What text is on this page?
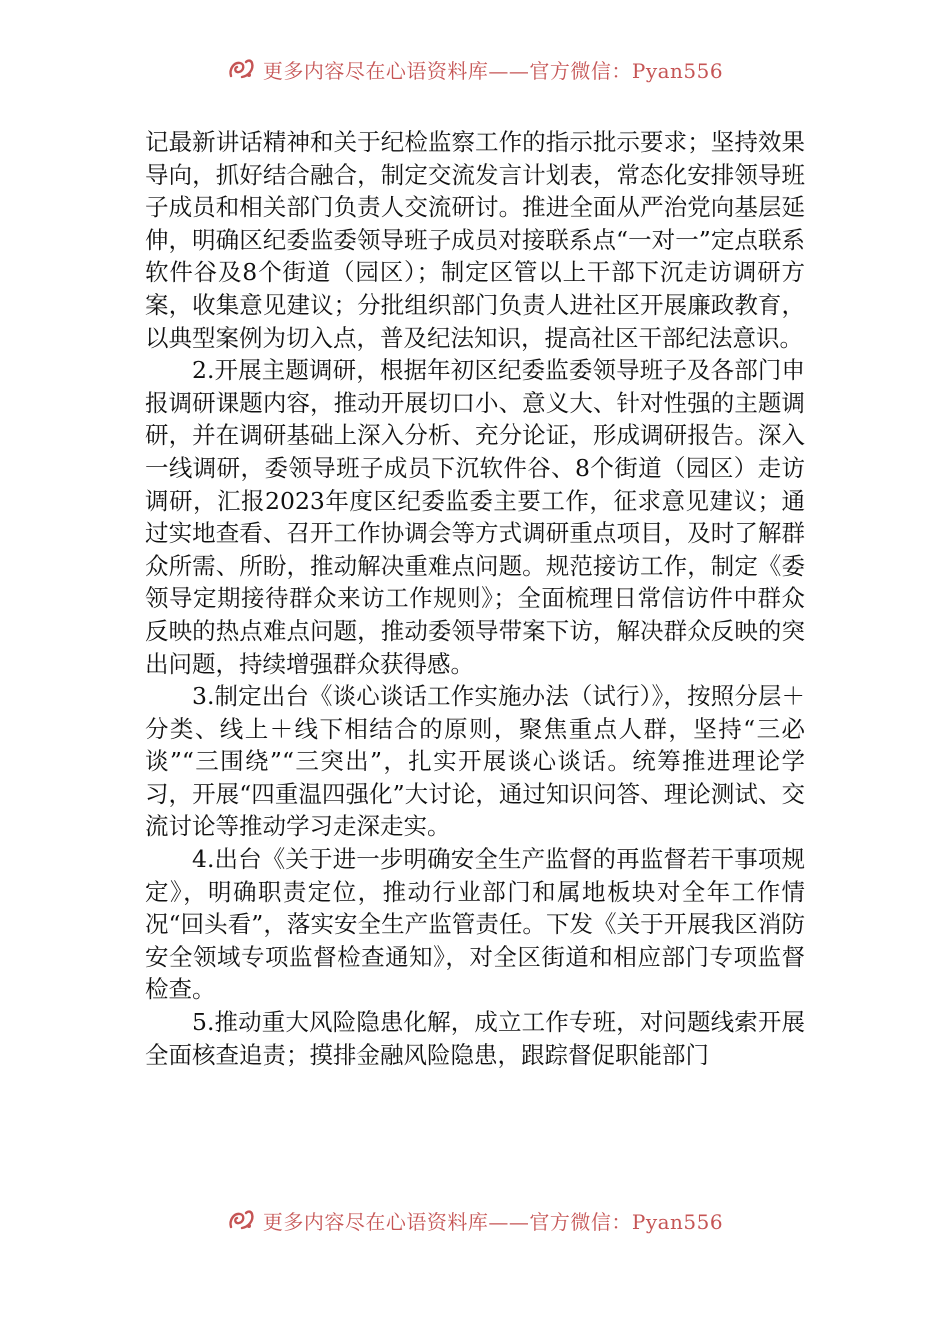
更多内容尽在心语资料库——官方微信：Pyan556

记最新讲话精神和关于纪检监察工作的指示批示要求；坚持效果导向，抓好结合融合，制定交流发言计划表，常态化安排领导班子成员和相关部门负责人交流研讨。推进全面从严治党向基层延伸，明确区纪委监委领导班子成员对接联系点“一对一”定点联系软件谷及8个街道（园区）；制定区管以上干部下沉走访调研方案，收集意见建议；分批组织部门负责人进社区开展廉政教育，以典型案例为切入点，普及纪法知识，提高社区干部纪法意识。

2.开展主题调研，根据年初区纪委监委领导班子及各部门申报调研课题内容，推动开展切口小、意义大、针对性强的主题调研，并在调研基础上深入分析、充分论证，形成调研报告。深入一线调研，委领导班子成员下沉软件谷、8个街道（园区）走访调研，汇报2023年度区纪委监委主要工作，征求意见建议；通过实地查看、召开工作协调会等方式调研重点项目，及时了解群众所需、所盼，推动解决重难点问题。规范接访工作，制定《委领导定期接待群众来访工作规则》；全面梳理日常信访件中群众反映的热点难点问题，推动委领导带案下访，解决群众反映的突出问题，持续增强群众获得感。

3.制定出台《谈心谈话工作实施办法（试行）》，按照分层＋分类、线上＋线下相结合的原则，聚焦重点人群，坚持“三必谈”“三围绕”“三突出”，扎实开展谈心谈话。统筹推进理论学习，开展“四重温四强化”大讨论，通过知识问答、理论测试、交流讨论等推动学习走深走实。

4.出台《关于进一步明确安全生产监督的再监督若干事项规定》，明确职责定位，推动行业部门和属地板块对全年工作情况“回头看”，落实安全生产监管责任。下发《关于开展我区消防安全领域专项监督检查通知》，对全区街道和相应部门专项监督检查。

5.推动重大风险隐患化解，成立工作专班，对问题线索开展全面核查追责；摸排金融风险隐患，跟踪督促职能部门

更多内容尽在心语资料库——官方微信：Pyan556
